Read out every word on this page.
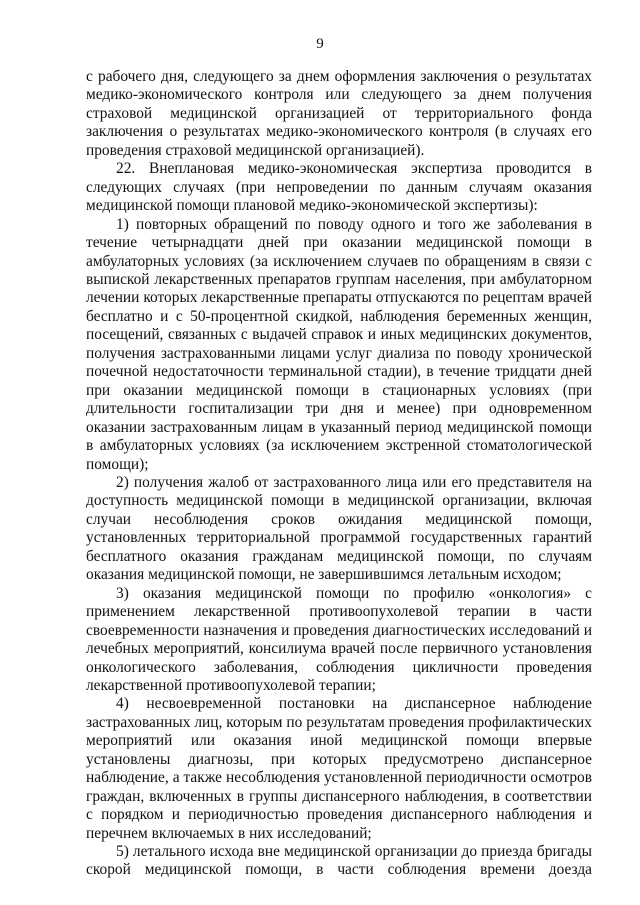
9

с рабочего дня, следующего за днем оформления заключения о результатах медико-экономического контроля или следующего за днем получения страховой медицинской организацией от территориального фонда заключения о результатах медико-экономического контроля (в случаях его проведения страховой медицинской организацией).

22. Внеплановая медико-экономическая экспертиза проводится в следующих случаях (при непроведении по данным случаям оказания медицинской помощи плановой медико-экономической экспертизы):

1) повторных обращений по поводу одного и того же заболевания в течение четырнадцати дней при оказании медицинской помощи в амбулаторных условиях (за исключением случаев по обращениям в связи с выпиской лекарственных препаратов группам населения, при амбулаторном лечении которых лекарственные препараты отпускаются по рецептам врачей бесплатно и с 50-процентной скидкой, наблюдения беременных женщин, посещений, связанных с выдачей справок и иных медицинских документов, получения застрахованными лицами услуг диализа по поводу хронической почечной недостаточности терминальной стадии), в течение тридцати дней при оказании медицинской помощи в стационарных условиях (при длительности госпитализации три дня и менее) при одновременном оказании застрахованным лицам в указанный период медицинской помощи в амбулаторных условиях (за исключением экстренной стоматологической помощи);

2) получения жалоб от застрахованного лица или его представителя на доступность медицинской помощи в медицинской организации, включая случаи несоблюдения сроков ожидания медицинской помощи, установленных территориальной программой государственных гарантий бесплатного оказания гражданам медицинской помощи, по случаям оказания медицинской помощи, не завершившимся летальным исходом;

3) оказания медицинской помощи по профилю «онкология» с применением лекарственной противоопухолевой терапии в части своевременности назначения и проведения диагностических исследований и лечебных мероприятий, консилиума врачей после первичного установления онкологического заболевания, соблюдения цикличности проведения лекарственной противоопухолевой терапии;

4) несвоевременной постановки на диспансерное наблюдение застрахованных лиц, которым по результатам проведения профилактических мероприятий или оказания иной медицинской помощи впервые установлены диагнозы, при которых предусмотрено диспансерное наблюдение, а также несоблюдения установленной периодичности осмотров граждан, включенных в группы диспансерного наблюдения, в соответствии с порядком и периодичностью проведения диспансерного наблюдения и перечнем включаемых в них исследований;

5) летального исхода вне медицинской организации до приезда бригады скорой медицинской помощи, в части соблюдения времени доезда
